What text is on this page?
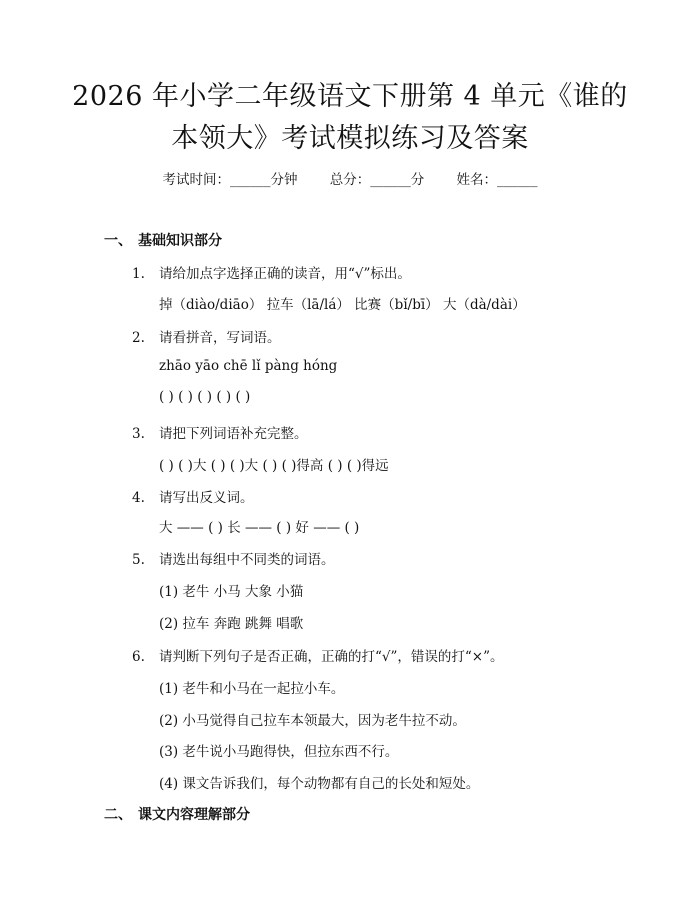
2026 年小学二年级语文下册第 4 单元《谁的
本领大》考试模拟练习及答案
考试时间：______分钟 总分：______分 姓名：______
一、 基础知识部分
1. 请给加点字选择正确的读音，用“√”标出。
掉（diào/diāo） 拉车（lā/lá） 比赛（bǐ/bī） 大（dà/dài）
2. 请看拼音，写词语。
zhāo yāo chē lǐ pàng hóng
( ) ( ) ( ) ( ) ( )
3. 请把下列词语补充完整。
( ) ( )大 ( ) ( )大 ( ) ( )得高 ( ) ( )得远
4. 请写出反义词。
大 —— ( ) 长 —— ( ) 好 —— ( )
5. 请选出每组中不同类的词语。
(1) 老牛 小马 大象 小猫
(2) 拉车 奔跑 跳舞 唱歌
6. 请判断下列句子是否正确，正确的打“√”，错误的打“×”。
(1) 老牛和小马在一起拉小车。
(2) 小马觉得自己拉车本领最大，因为老牛拉不动。
(3) 老牛说小马跑得快，但拉东西不行。
(4) 课文告诉我们，每个动物都有自己的长处和短处。
二、 课文内容理解部分
